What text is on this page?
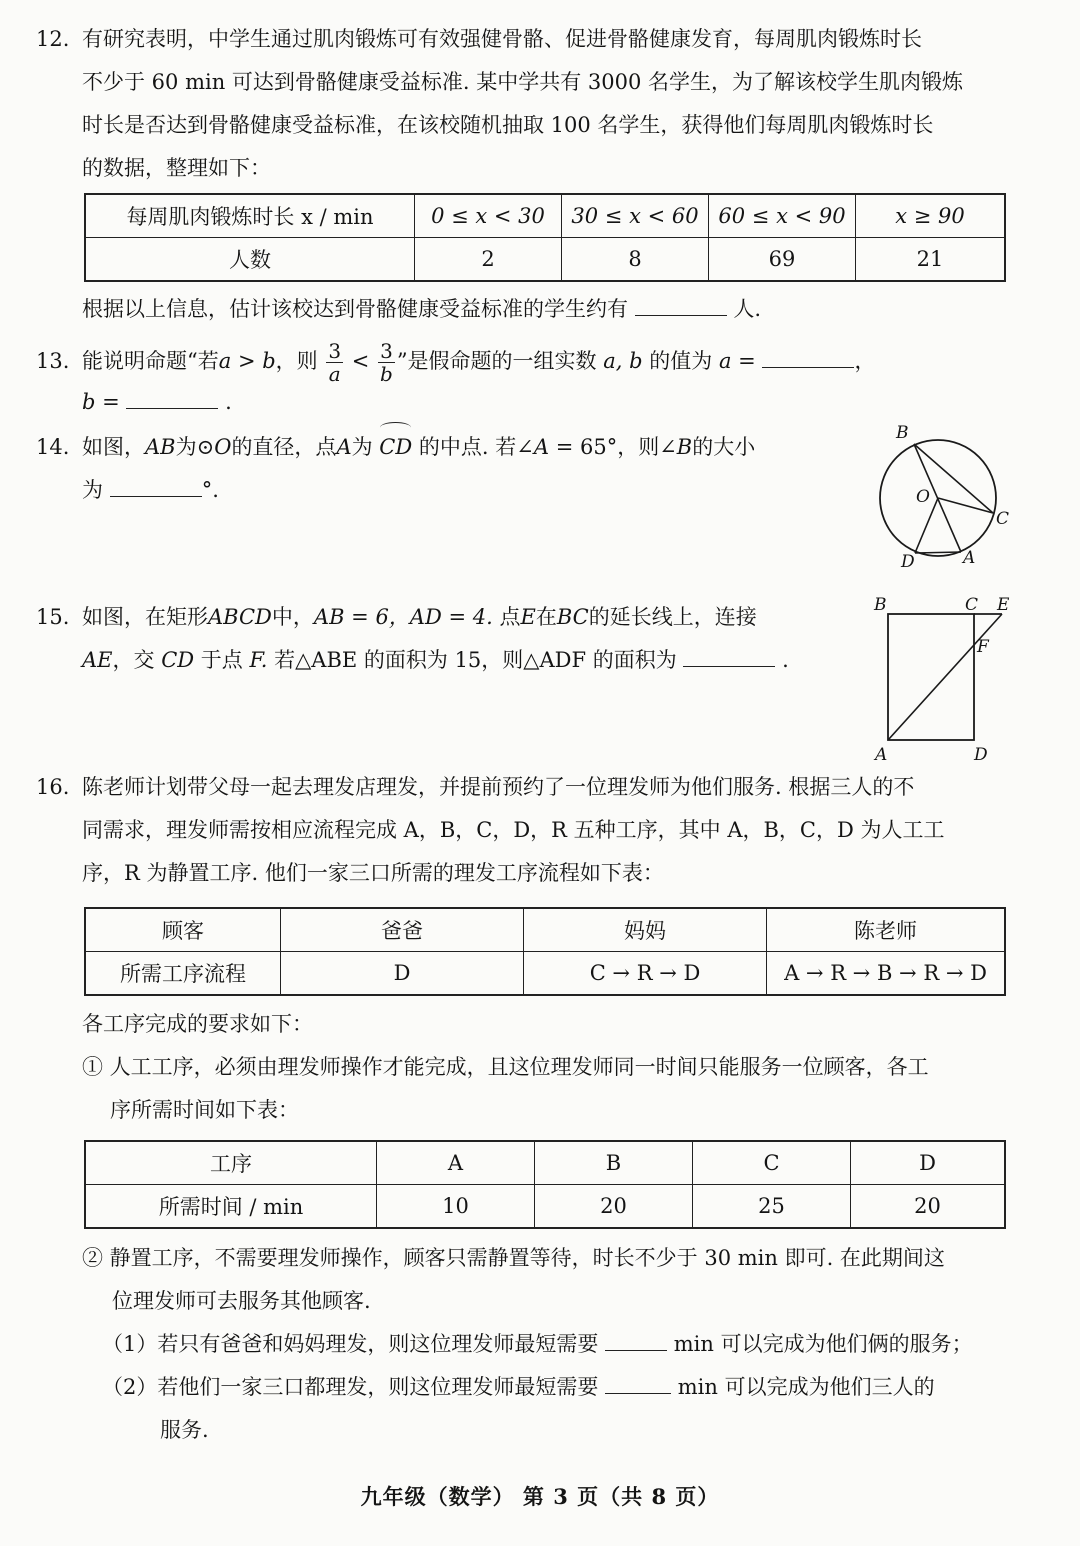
12. 有研究表明，中学生通过肌肉锻炼可有效强健骨骼、促进骨骼健康发育，每周肌肉锻炼时长
不少于 60 min 可达到骨骼健康受益标准. 某中学共有 3000 名学生，为了解该校学生肌肉锻炼
时长是否达到骨骼健康受益标准，在该校随机抽取 100 名学生，获得他们每周肌肉锻炼时长
的数据，整理如下：
每周肌肉锻炼时长 x / min	0 ≤ x < 30	30 ≤ x < 60	60 ≤ x < 90	x ≥ 90
人数	2	8	69	21
根据以上信息，估计该校达到骨骼健康受益标准的学生约有	人.
13. 能说明命题“若a > b，则 $\frac{3}{a} < \frac{3}{b}$ ”是假命题的一组实数 a, b 的值为 a =	，
b =	.
14. 如图，AB为⊙O的直径，点A为 CD 的中点. 若∠A = 65°，则∠B的大小
为	°.
B
O
C
D	A
15. 如图，在矩形ABCD中，AB = 6，AD = 4. 点E在BC的延长线上，连接
AE，交 CD 于点 F. 若△ABE 的面积为 15，则△ADF 的面积为	.
B	C E
F
A	D
16. 陈老师计划带父母一起去理发店理发，并提前预约了一位理发师为他们服务. 根据三人的不
同需求，理发师需按相应流程完成 A，B，C，D，R 五种工序，其中 A，B，C，D 为人工工
序，R 为静置工序. 他们一家三口所需的理发工序流程如下表：
顾客	爸爸	妈妈	陈老师
所需工序流程	D	C → R → D	A → R → B → R → D
各工序完成的要求如下：
① 人工工序，必须由理发师操作才能完成，且这位理发师同一时间只能服务一位顾客，各工
序所需时间如下表：
工序	A	B	C	D
所需时间 / min	10	20	25	20
② 静置工序，不需要理发师操作，顾客只需静置等待，时长不少于 30 min 即可. 在此期间这
位理发师可去服务其他顾客.
（1）若只有爸爸和妈妈理发，则这位理发师最短需要	min 可以完成为他们俩的服务；
（2）若他们一家三口都理发，则这位理发师最短需要	min 可以完成为他们三人的
服务.
九年级（数学） 第 3 页（共 8 页）
